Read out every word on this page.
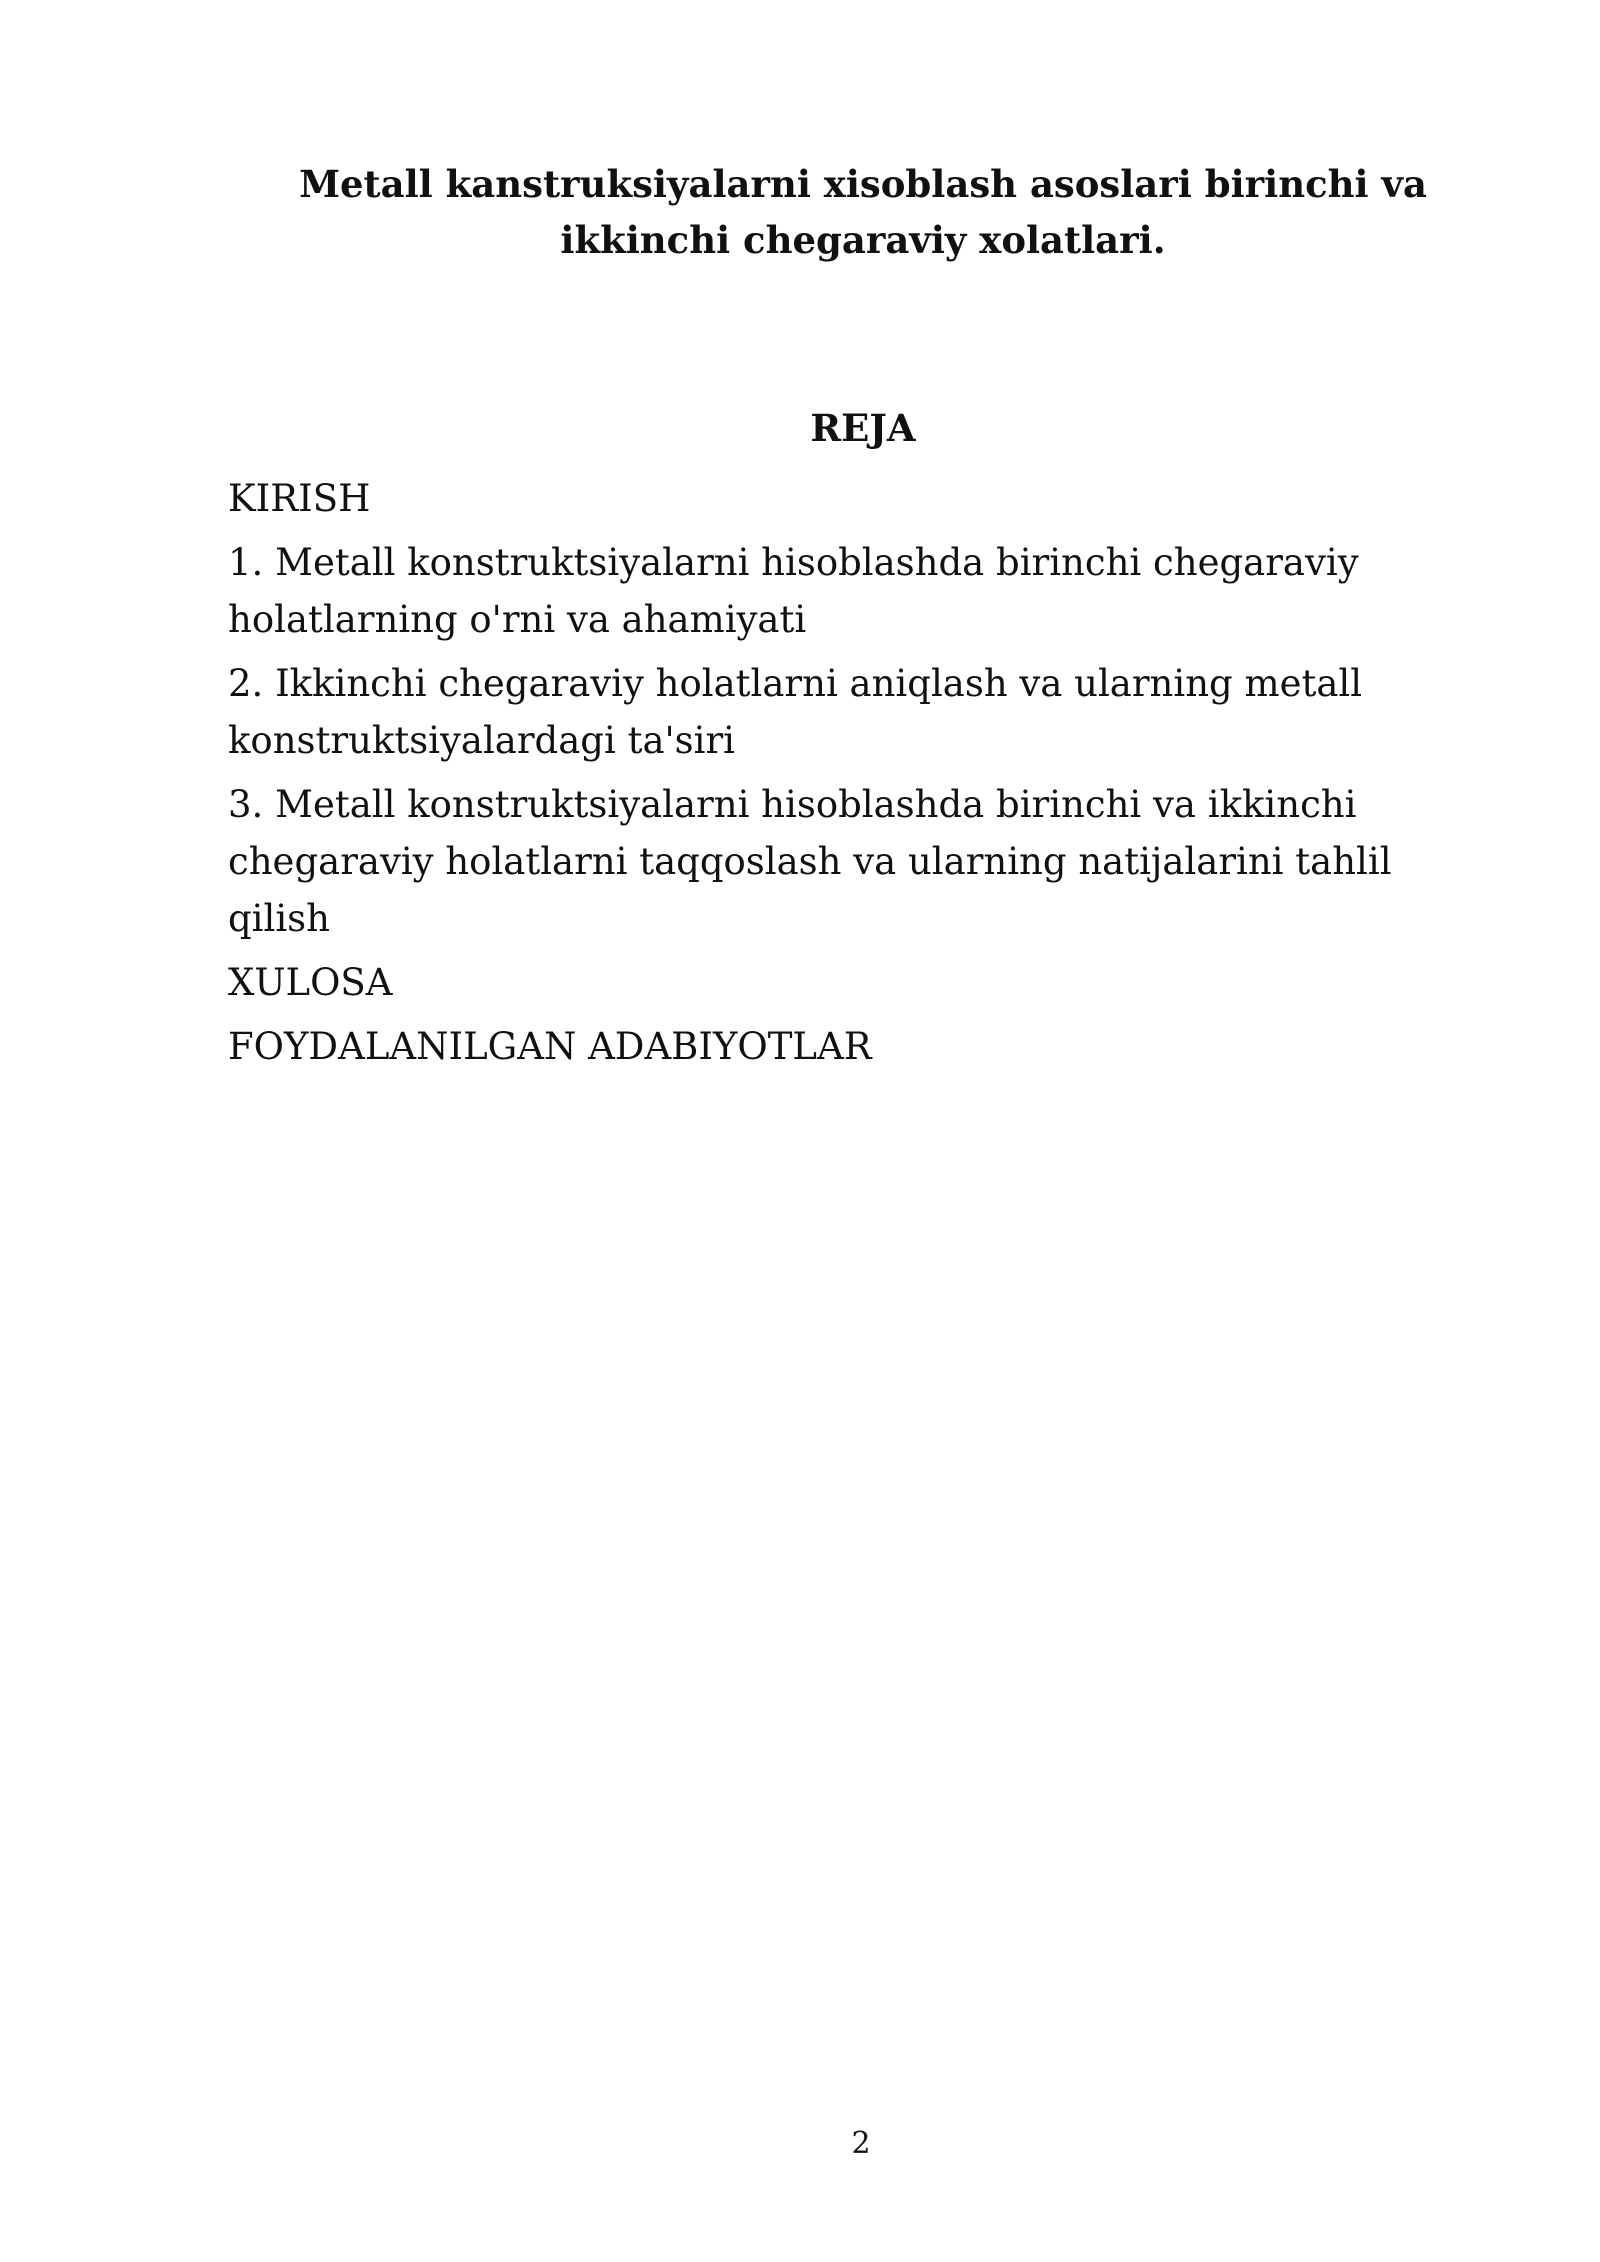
Metall kanstruksiyalarni xisoblash asoslari birinchi va ikkinchi chegaraviy xolatlari.
REJA
KIRISH
1. Metall konstruktsiyalarni hisoblashda birinchi chegaraviy holatlarning o'rni va ahamiyati
2. Ikkinchi chegaraviy holatlarni aniqlash va ularning metall konstruktsiyalardagi ta'siri
3. Metall konstruktsiyalarni hisoblashda birinchi va ikkinchi chegaraviy holatlarni taqqoslash va ularning natijalarini tahlil qilish
XULOSA
FOYDALANILGAN ADABIYOTLAR
2
